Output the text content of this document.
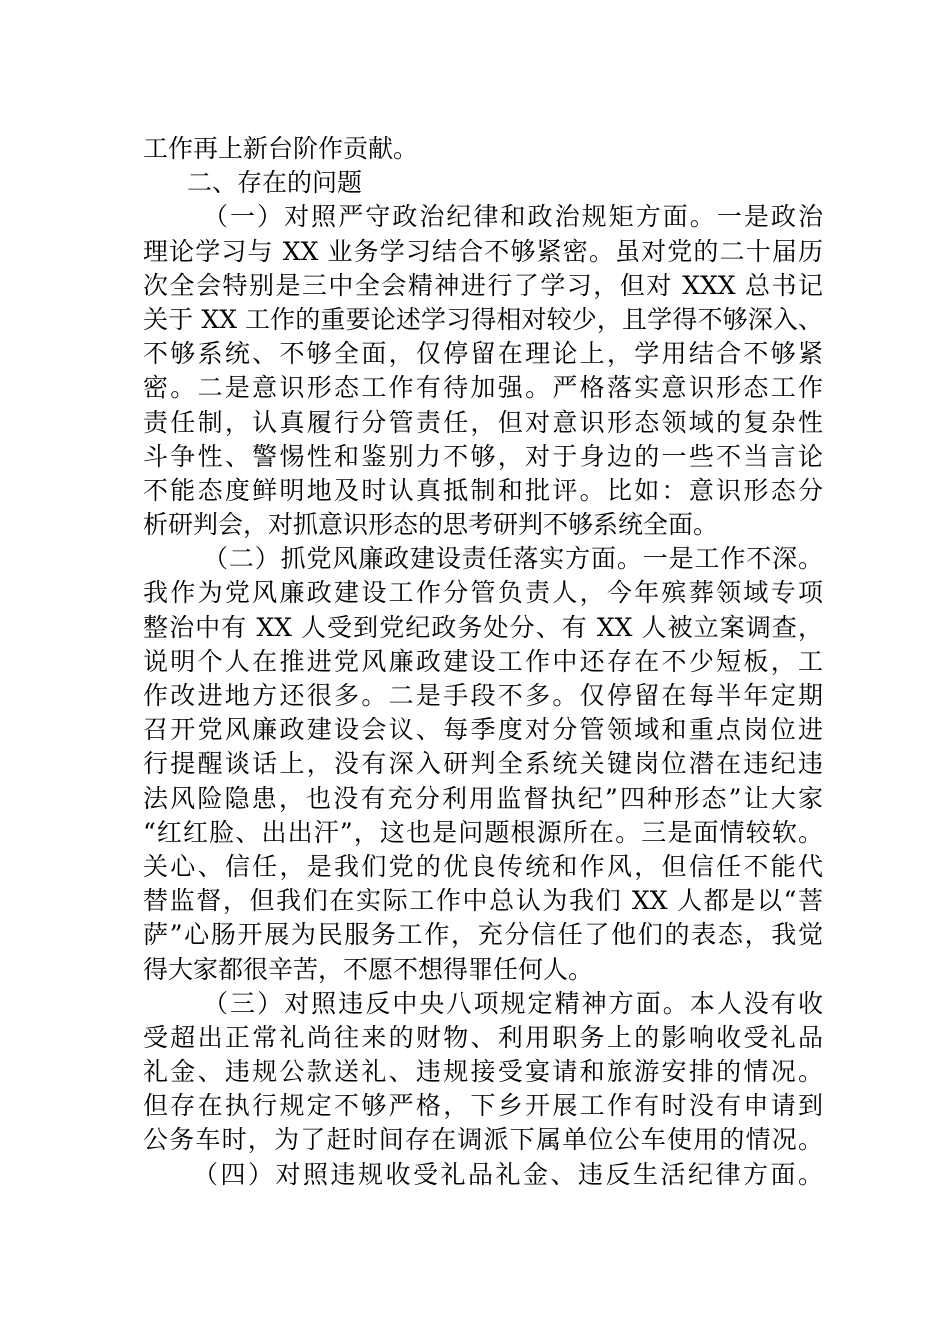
工作再上新台阶作贡献。
二、存在的问题
（一）对照严守政治纪律和政治规矩方面。一是政治
理论学习与 XX 业务学习结合不够紧密。虽对党的二十届历
次全会特别是三中全会精神进行了学习，但对 XXX 总书记
关于 XX 工作的重要论述学习得相对较少，且学得不够深入、
不够系统、不够全面，仅停留在理论上，学用结合不够紧
密。二是意识形态工作有待加强。严格落实意识形态工作
责任制，认真履行分管责任，但对意识形态领域的复杂性
斗争性、警惕性和鉴别力不够，对于身边的一些不当言论
不能态度鲜明地及时认真抵制和批评。比如：意识形态分
析研判会，对抓意识形态的思考研判不够系统全面。
（二）抓党风廉政建设责任落实方面。一是工作不深。
我作为党风廉政建设工作分管负责人，今年殡葬领域专项
整治中有 XX 人受到党纪政务处分、有 XX 人被立案调查，
说明个人在推进党风廉政建设工作中还存在不少短板，工
作改进地方还很多。二是手段不多。仅停留在每半年定期
召开党风廉政建设会议、每季度对分管领域和重点岗位进
行提醒谈话上，没有深入研判全系统关键岗位潜在违纪违
法风险隐患，也没有充分利用监督执纪”四种形态”让大家
“红红脸、出出汗”，这也是问题根源所在。三是面情较软。
关心、信任，是我们党的优良传统和作风，但信任不能代
替监督，但我们在实际工作中总认为我们 XX 人都是以“菩
萨”心肠开展为民服务工作，充分信任了他们的表态，我觉
得大家都很辛苦，不愿不想得罪任何人。
（三）对照违反中央八项规定精神方面。本人没有收
受超出正常礼尚往来的财物、利用职务上的影响收受礼品
礼金、违规公款送礼、违规接受宴请和旅游安排的情况。
但存在执行规定不够严格，下乡开展工作有时没有申请到
公务车时，为了赶时间存在调派下属单位公车使用的情况。
（四）对照违规收受礼品礼金、违反生活纪律方面。
